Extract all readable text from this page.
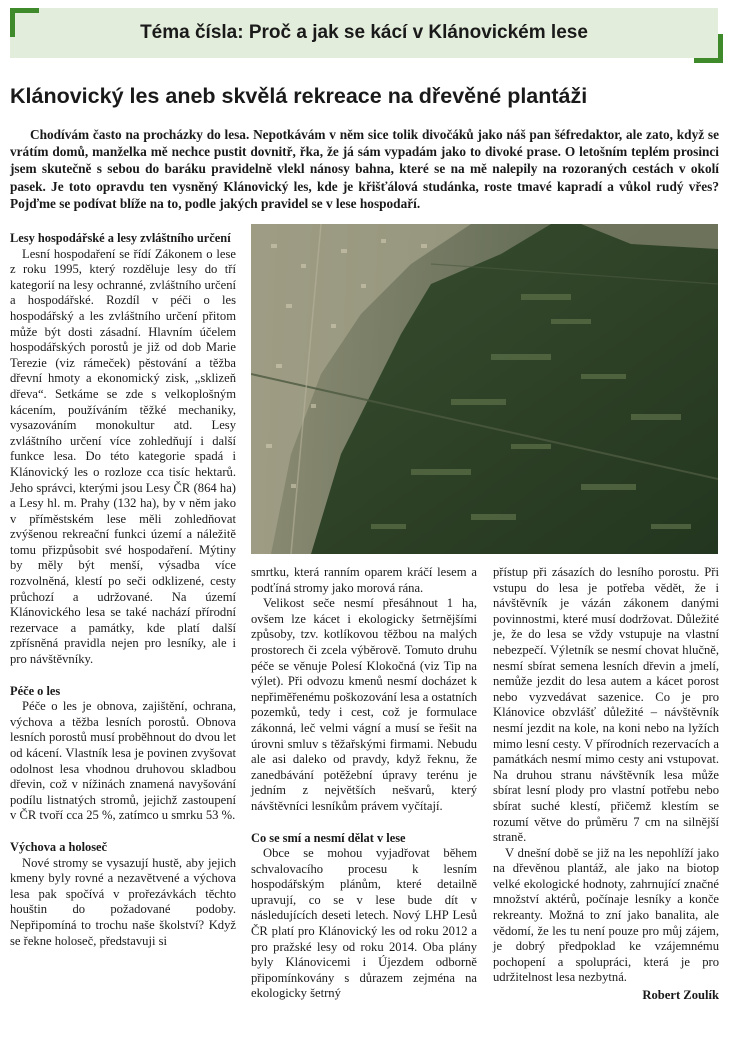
Téma čísla: Proč a jak se kácí v Klánovickém lese
Klánovický les aneb skvělá rekreace na dřevěné plantáži

Chodívám často na procházky do lesa. Nepotkávám v něm sice tolik divočáků jako náš pan šéfredaktor, ale zato, když se vrátím domů, manželka mě nechce pustit dovnitř, řka, že já sám vypadám jako to divoké prase. O letošním teplém prosinci jsem skutečně s sebou do baráku pravidelně vlekl nánosy bahna, které se na mě nalepily na rozoraných cestách v okolí pasek. Je toto opravdu ten vysněný Klánovický les, kde je křišťálová studánka, roste tmavé kapradí a vůkol rudý vřes? Pojďme se podívat blíže na to, podle jakých pravidel se v lese hospodaří.

Lesy hospodářské a lesy zvláštního určení

Lesní hospodaření se řídí Zákonem o lese z roku 1995, který rozděluje lesy do tří kategorií na lesy ochranné, zvláštního určení a hospodářské. Rozdíl v péči o les hospodářský a les zvláštního určení přitom může být dosti zásadní. Hlavním účelem hospodářských porostů je již od dob Marie Terezie (viz rámeček) pěstování a těžba dřevní hmoty a ekonomický zisk, „sklizeň dřeva“. Setkáme se zde s velkoplošným kácením, používáním těžké mechaniky, vysazováním monokultur atd. Lesy zvláštního určení více zohledňují i další funkce lesa. Do této kategorie spadá i Klánovický les o rozloze cca tisíc hektarů. Jeho správci, kterými jsou Lesy ČR (864 ha) a Lesy hl. m. Prahy (132 ha), by v něm jako v příměstském lese měli zohledňovat zvýšenou rekreační funkci území a náležitě tomu přizpůsobit své hospodaření. Mýtiny by měly být menší, výsadba více rozvolněná, klestí po seči odklizené, cesty průchozí a udržované. Na území Klánovického lesa se také nachází přírodní rezervace a památky, kde platí další zpřísněná pravidla nejen pro lesníky, ale i pro návštěvníky.

Péče o les

Péče o les je obnova, zajištění, ochrana, výchova a těžba lesních porostů. Obnova lesních porostů musí proběhnout do dvou let od kácení. Vlastník lesa je povinen zvyšovat odolnost lesa vhodnou druhovou skladbou dřevin, což v nížinách znamená navyšování podílu listnatých stromů, jejichž zastoupení v ČR tvoří cca 25 %, zatímco u smrku 53 %.

Výchova a holoseč

Nové stromy se vysazují hustě, aby jejich kmeny byly rovné a nezavětvené a výchova lesa pak spočívá v prořezávkách těchto houštin do požadované podoby. Nepřipomíná to trochu naše školství? Když se řekne holoseč, představuji si

smrtku, která ranním oparem kráčí lesem a podťíná stromy jako morová rána.

Velikost seče nesmí přesáhnout 1 ha, ovšem lze kácet i ekologicky šetrnějšími způsoby, tzv. kotlíkovou těžbou na malých prostorech či zcela výběrově. Tomuto druhu péče se věnuje Polesí Klokočná (viz Tip na výlet). Při odvozu kmenů nesmí docházet k nepřiměřenému poškozování lesa a ostatních pozemků, tedy i cest, což je formulace zákonná, leč velmi vágní a musí se řešit na úrovni smluv s těžařskými firmami. Nebudu ale asi daleko od pravdy, když řeknu, že zanedbávání potěžební úpravy terénu je jedním z největších nešvarů, který návštěvníci lesníkům právem vyčítají.

Co se smí a nesmí dělat v lese

Obce se mohou vyjadřovat během schvalovacího procesu k lesním hospodářským plánům, které detailně upravují, co se v lese bude dít v následujících deseti letech. Nový LHP Lesů ČR platí pro Klánovický les od roku 2012 a pro pražské lesy od roku 2014. Oba plány byly Klánovicemi i Újezdem odborně připomínkovány s důrazem zejména na ekologicky šetrný

přístup při zásazích do lesního porostu. Při vstupu do lesa je potřeba vědět, že i návštěvník je vázán zákonem danými povinnostmi, které musí dodržovat. Důležité je, že do lesa se vždy vstupuje na vlastní nebezpečí. Výletník se nesmí chovat hlučně, nesmí sbírat semena lesních dřevin a jmelí, nemůže jezdit do lesa autem a kácet porost nebo vyzvedávat sazenice. Co je pro Klánovice obzvlášť důležité – návštěvník nesmí jezdit na kole, na koni nebo na lyžích mimo lesní cesty. V přírodních rezervacích a památkách nesmí mimo cesty ani vstupovat. Na druhou stranu návštěvník lesa může sbírat lesní plody pro vlastní potřebu nebo sbírat suché klestí, přičemž klestím se rozumí větve do průměru 7 cm na silnější straně.

V dnešní době se již na les nepohlíží jako na dřevěnou plantáž, ale jako na biotop velké ekologické hodnoty, zahrnující značné množství aktérů, počínaje lesníky a konče rekreanty. Možná to zní jako banalita, ale vědomí, že les tu není pouze pro můj zájem, je dobrý předpoklad ke vzájemnému pochopení a spolupráci, která je pro udržitelnost lesa nezbytná.

Robert Zoulík
